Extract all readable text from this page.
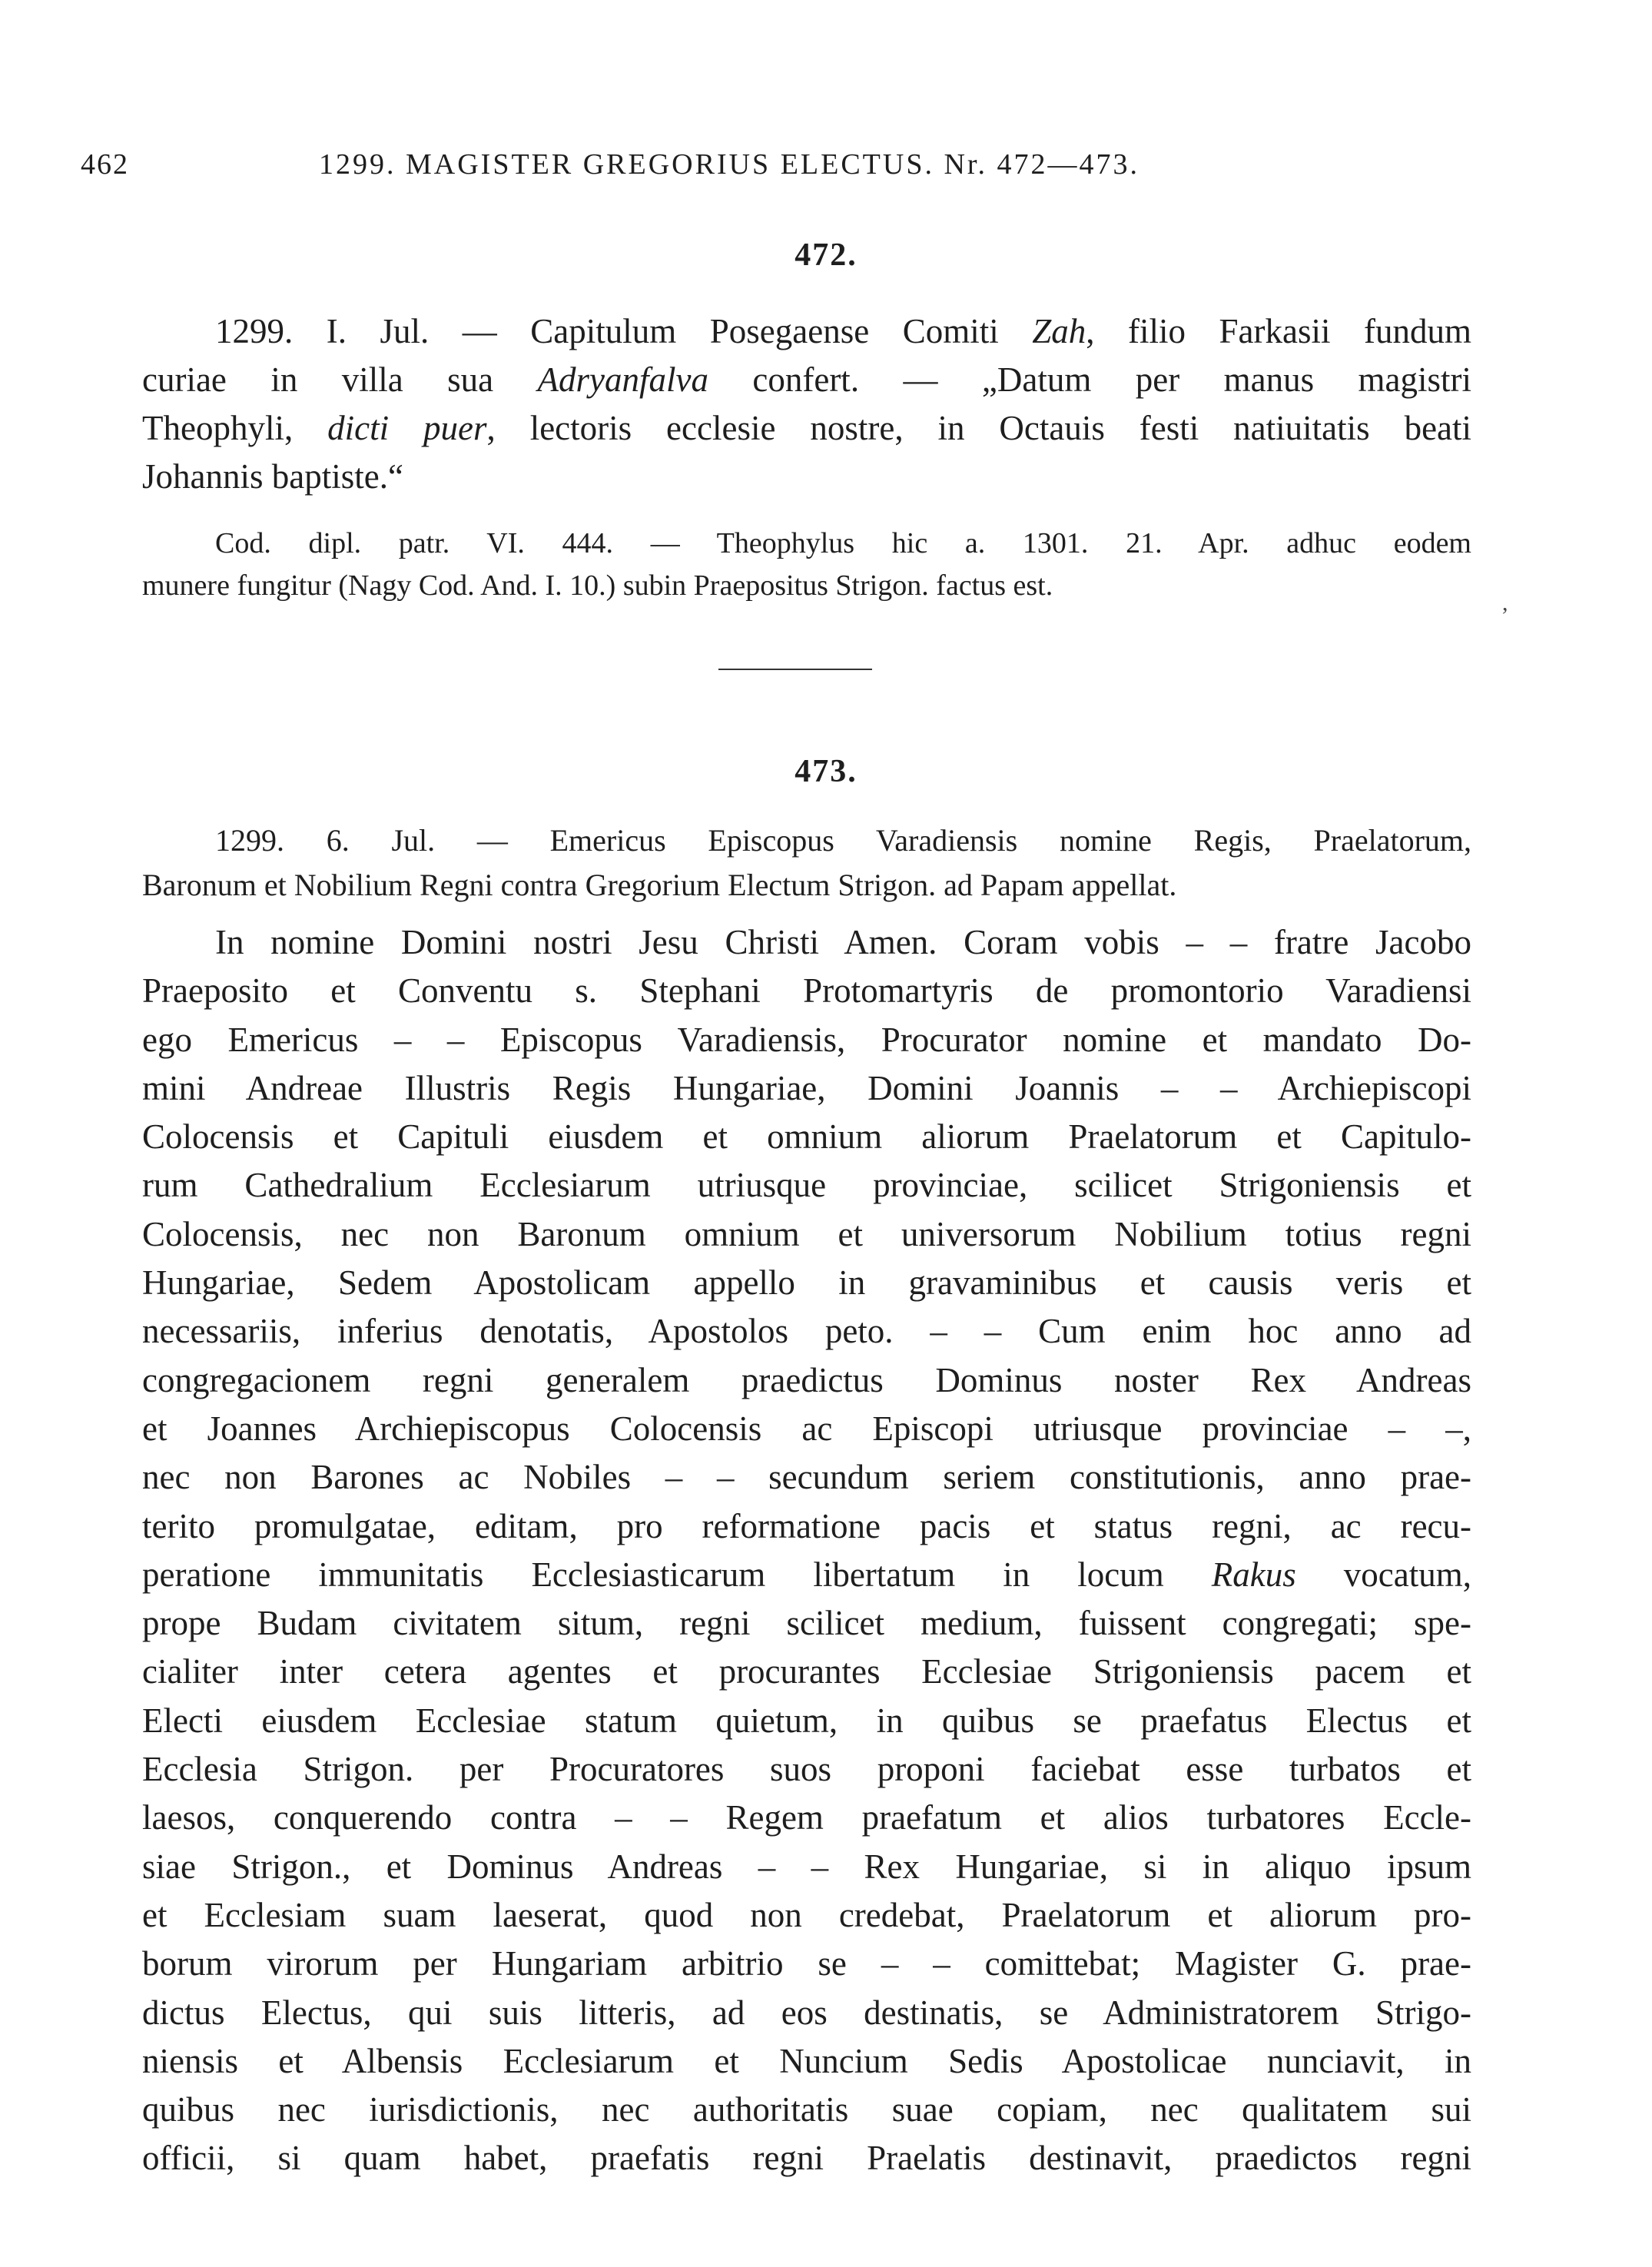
462	1299. MAGISTER GREGORIUS ELECTUS. Nr. 472—473.
472.
1299. I. Jul. — Capitulum Posegaense Comiti Zah, filio Farkasii fundum
curiae in villa sua Adryanfalva confert. — „Datum per manus magistri
Theophyli, dicti puer, lectoris ecclesie nostre, in Octauis festi natiuitatis beati
Johannis baptiste.“
Cod. dipl. patr. VI. 444. — Theophylus hic a. 1301. 21. Apr. adhuc eodem
munere fungitur (Nagy Cod. And. I. 10.) subin Praepositus Strigon. factus est.
,
473.
1299. 6. Jul. — Emericus Episcopus Varadiensis nomine Regis, Praelatorum,
Baronum et Nobilium Regni contra Gregorium Electum Strigon. ad Papam appellat.
In nomine Domini nostri Jesu Christi Amen. Coram vobis – – fratre Jacobo
Praeposito et Conventu s. Stephani Protomartyris de promontorio Varadiensi
ego Emericus – – Episcopus Varadiensis, Procurator nomine et mandato Do-
mini Andreae Illustris Regis Hungariae, Domini Joannis – – Archiepiscopi
Colocensis et Capituli eiusdem et omnium aliorum Praelatorum et Capitulo-
rum Cathedralium Ecclesiarum utriusque provinciae, scilicet Strigoniensis et
Colocensis, nec non Baronum omnium et universorum Nobilium totius regni
Hungariae, Sedem Apostolicam appello in gravaminibus et causis veris et
necessariis, inferius denotatis, Apostolos peto. – – Cum enim hoc anno ad
congregacionem regni generalem praedictus Dominus noster Rex Andreas
et Joannes Archiepiscopus Colocensis ac Episcopi utriusque provinciae – –,
nec non Barones ac Nobiles – – secundum seriem constitutionis, anno prae-
terito promulgatae, editam, pro reformatione pacis et status regni, ac recu-
peratione immunitatis Ecclesiasticarum libertatum in locum Rakus vocatum,
prope Budam civitatem situm, regni scilicet medium, fuissent congregati; spe-
cialiter inter cetera agentes et procurantes Ecclesiae Strigoniensis pacem et
Electi eiusdem Ecclesiae statum quietum, in quibus se praefatus Electus et
Ecclesia Strigon. per Procuratores suos proponi faciebat esse turbatos et
laesos, conquerendo contra – – Regem praefatum et alios turbatores Eccle-
siae Strigon., et Dominus Andreas – – Rex Hungariae, si in aliquo ipsum
et Ecclesiam suam laeserat, quod non credebat, Praelatorum et aliorum pro-
borum virorum per Hungariam arbitrio se – – comittebat; Magister G. prae-
dictus Electus, qui suis litteris, ad eos destinatis, se Administratorem Strigo-
niensis et Albensis Ecclesiarum et Nuncium Sedis Apostolicae nunciavit, in
quibus nec iurisdictionis, nec authoritatis suae copiam, nec qualitatem sui
officii, si quam habet, praefatis regni Praelatis destinavit, praedictos regni
